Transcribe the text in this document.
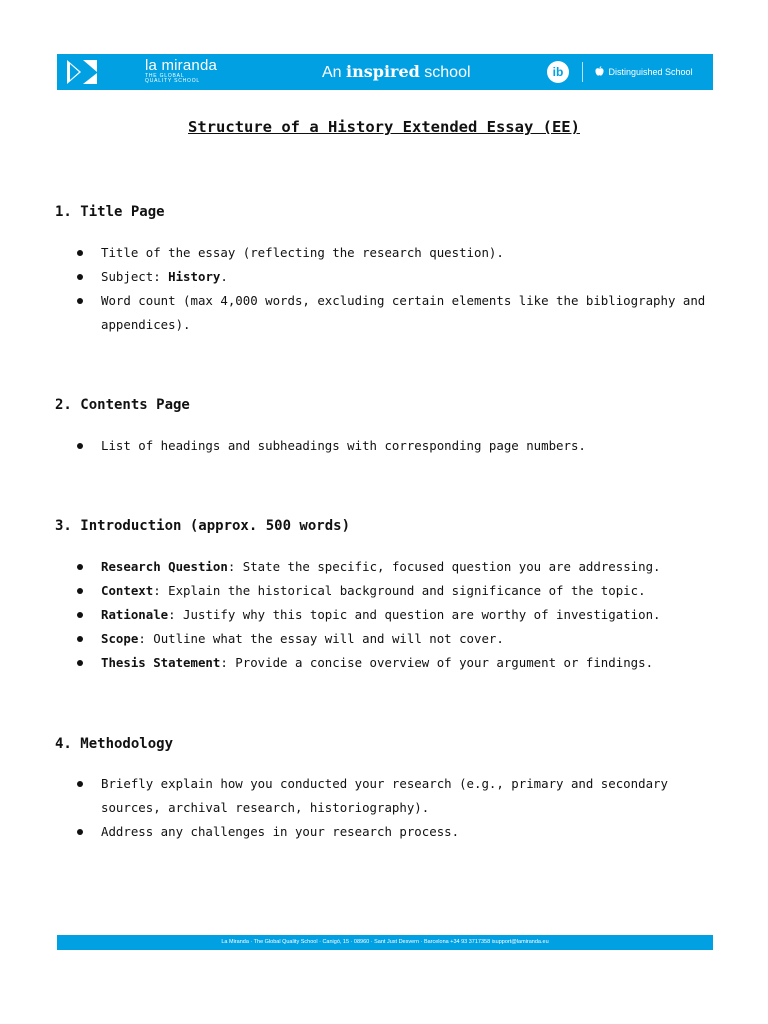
la miranda
THE GLOBAL
QUALITY SCHOOL	An inspired school	ib	Distinguished School
Structure of a History Extended Essay (EE)
1. Title Page
Title of the essay (reflecting the research question).
Subject: History.
Word count (max 4,000 words, excluding certain elements like the bibliography and appendices).
2. Contents Page
List of headings and subheadings with corresponding page numbers.
3. Introduction (approx. 500 words)
Research Question: State the specific, focused question you are addressing.
Context: Explain the historical background and significance of the topic.
Rationale: Justify why this topic and question are worthy of investigation.
Scope: Outline what the essay will and will not cover.
Thesis Statement: Provide a concise overview of your argument or findings.
4. Methodology
Briefly explain how you conducted your research (e.g., primary and secondary sources, archival research, historiography).
Address any challenges in your research process.
La Miranda · The Global Quality School · Canigó, 15 · 08960 · Sant Just Desvern · Barcelona +34 93 3717358 isupport@lamiranda.eu
